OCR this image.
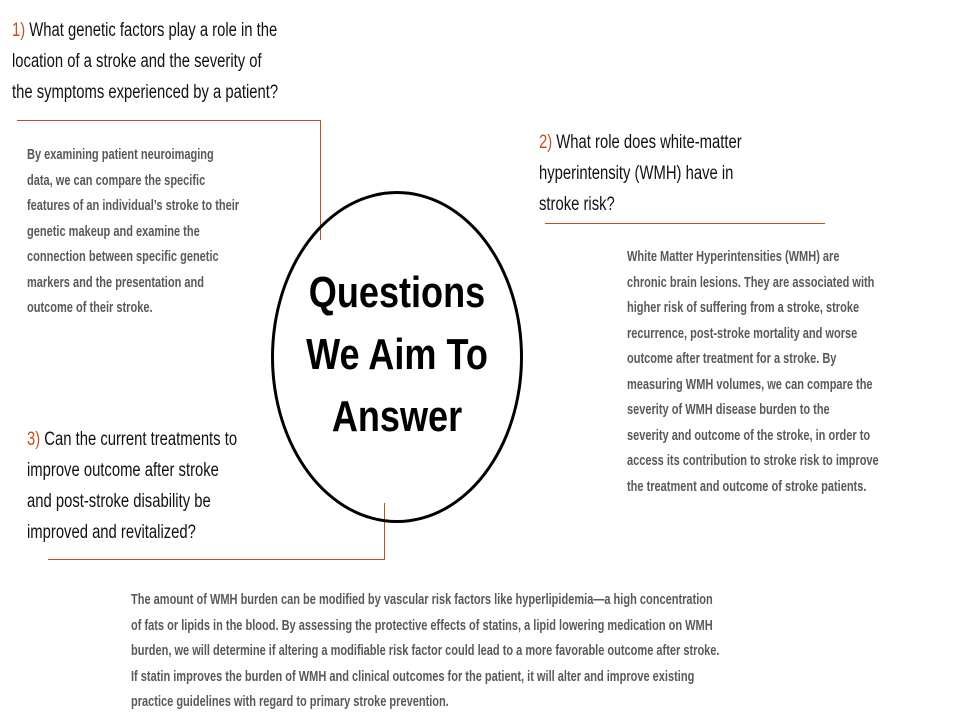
Questions
We Aim To
Answer
1) What genetic factors play a role in the
location of a stroke and the severity of
the symptoms experienced by a patient?
By examining patient neuroimaging
data, we can compare the specific
features of an individual’s stroke to their
genetic makeup and examine the
connection between specific genetic
markers and the presentation and
outcome of their stroke.
2) What role does white-matter
hyperintensity (WMH) have in
stroke risk?
White Matter Hyperintensities (WMH) are
chronic brain lesions. They are associated with
higher risk of suffering from a stroke, stroke
recurrence, post-stroke mortality and worse
outcome after treatment for a stroke. By
measuring WMH volumes, we can compare the
severity of WMH disease burden to the
severity and outcome of the stroke, in order to
access its contribution to stroke risk to improve
the treatment and outcome of stroke patients.
3) Can the current treatments to
improve outcome after stroke
and post-stroke disability be
improved and revitalized?
The amount of WMH burden can be modified by vascular risk factors like hyperlipidemia—a high concentration
of fats or lipids in the blood. By assessing the protective effects of statins, a lipid lowering medication on WMH
burden, we will determine if altering a modifiable risk factor could lead to a more favorable outcome after stroke.
If statin improves the burden of WMH and clinical outcomes for the patient, it will alter and improve existing
practice guidelines with regard to primary stroke prevention.
